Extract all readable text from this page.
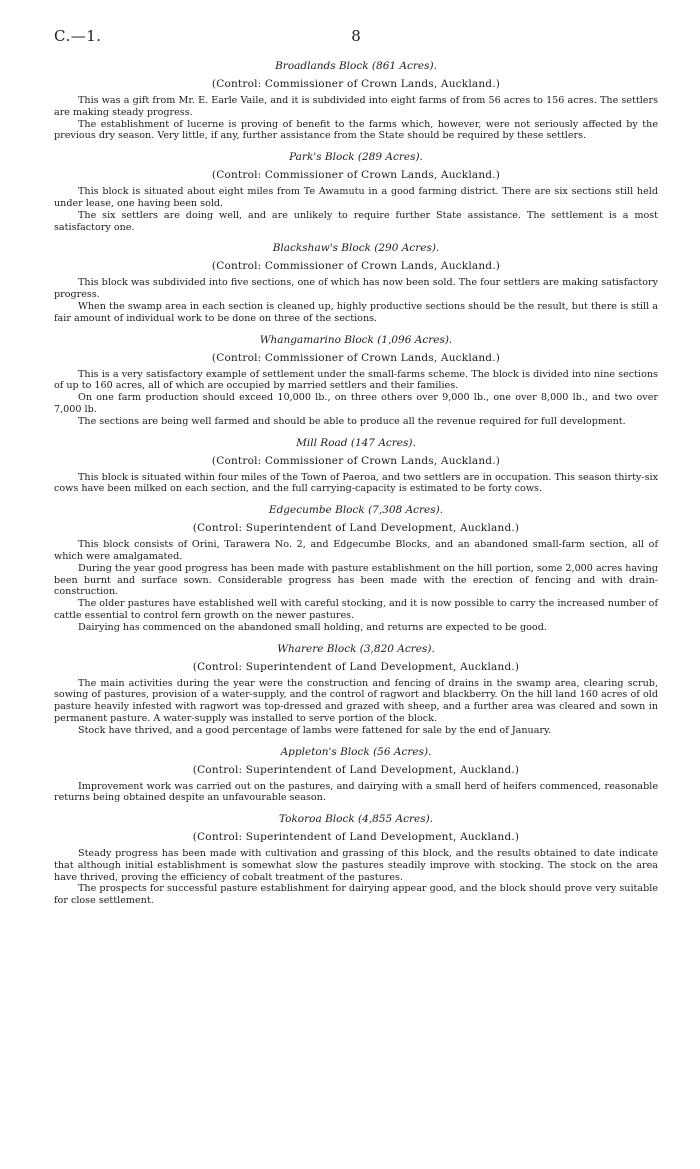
C.—1.	8
Broadlands Block (861 Acres).
(Control: Commissioner of Crown Lands, Auckland.)

This was a gift from Mr. E. Earle Vaile, and it is subdivided into eight farms of from 56 acres to 156 acres. The settlers are making steady progress.

The establishment of lucerne is proving of benefit to the farms which, however, were not seriously affected by the previous dry season. Very little, if any, further assistance from the State should be required by these settlers.

Park's Block (289 Acres).
(Control: Commissioner of Crown Lands, Auckland.)

This block is situated about eight miles from Te Awamutu in a good farming district. There are six sections still held under lease, one having been sold.

The six settlers are doing well, and are unlikely to require further State assistance. The settlement is a most satisfactory one.

Blackshaw's Block (290 Acres).
(Control: Commissioner of Crown Lands, Auckland.)

This block was subdivided into five sections, one of which has now been sold. The four settlers are making satisfactory progress.

When the swamp area in each section is cleaned up, highly productive sections should be the result, but there is still a fair amount of individual work to be done on three of the sections.

Whangamarino Block (1,096 Acres).
(Control: Commissioner of Crown Lands, Auckland.)

This is a very satisfactory example of settlement under the small-farms scheme. The block is divided into nine sections of up to 160 acres, all of which are occupied by married settlers and their families.

On one farm production should exceed 10,000 lb., on three others over 9,000 lb., one over 8,000 lb., and two over 7,000 lb.

The sections are being well farmed and should be able to produce all the revenue required for full development.

Mill Road (147 Acres).
(Control: Commissioner of Crown Lands, Auckland.)

This block is situated within four miles of the Town of Paeroa, and two settlers are in occupation. This season thirty-six cows have been milked on each section, and the full carrying-capacity is estimated to be forty cows.

Edgecumbe Block (7,308 Acres).
(Control: Superintendent of Land Development, Auckland.)

This block consists of Orini, Tarawera No. 2, and Edgecumbe Blocks, and an abandoned small-farm section, all of which were amalgamated.

During the year good progress has been made with pasture establishment on the hill portion, some 2,000 acres having been burnt and surface sown. Considerable progress has been made with the erection of fencing and with drain-construction.

The older pastures have established well with careful stocking, and it is now possible to carry the increased number of cattle essential to control fern growth on the newer pastures.

Dairying has commenced on the abandoned small holding, and returns are expected to be good.

Wharere Block (3,820 Acres).
(Control: Superintendent of Land Development, Auckland.)

The main activities during the year were the construction and fencing of drains in the swamp area, clearing scrub, sowing of pastures, provision of a water-supply, and the control of ragwort and blackberry. On the hill land 160 acres of old pasture heavily infested with ragwort was top-dressed and grazed with sheep, and a further area was cleared and sown in permanent pasture. A water-supply was installed to serve portion of the block.

Stock have thrived, and a good percentage of lambs were fattened for sale by the end of January.

Appleton's Block (56 Acres).
(Control: Superintendent of Land Development, Auckland.)

Improvement work was carried out on the pastures, and dairying with a small herd of heifers commenced, reasonable returns being obtained despite an unfavourable season.

Tokoroa Block (4,855 Acres).
(Control: Superintendent of Land Development, Auckland.)

Steady progress has been made with cultivation and grassing of this block, and the results obtained to date indicate that although initial establishment is somewhat slow the pastures steadily improve with stocking. The stock on the area have thrived, proving the efficiency of cobalt treatment of the pastures.

The prospects for successful pasture establishment for dairying appear good, and the block should prove very suitable for close settlement.
